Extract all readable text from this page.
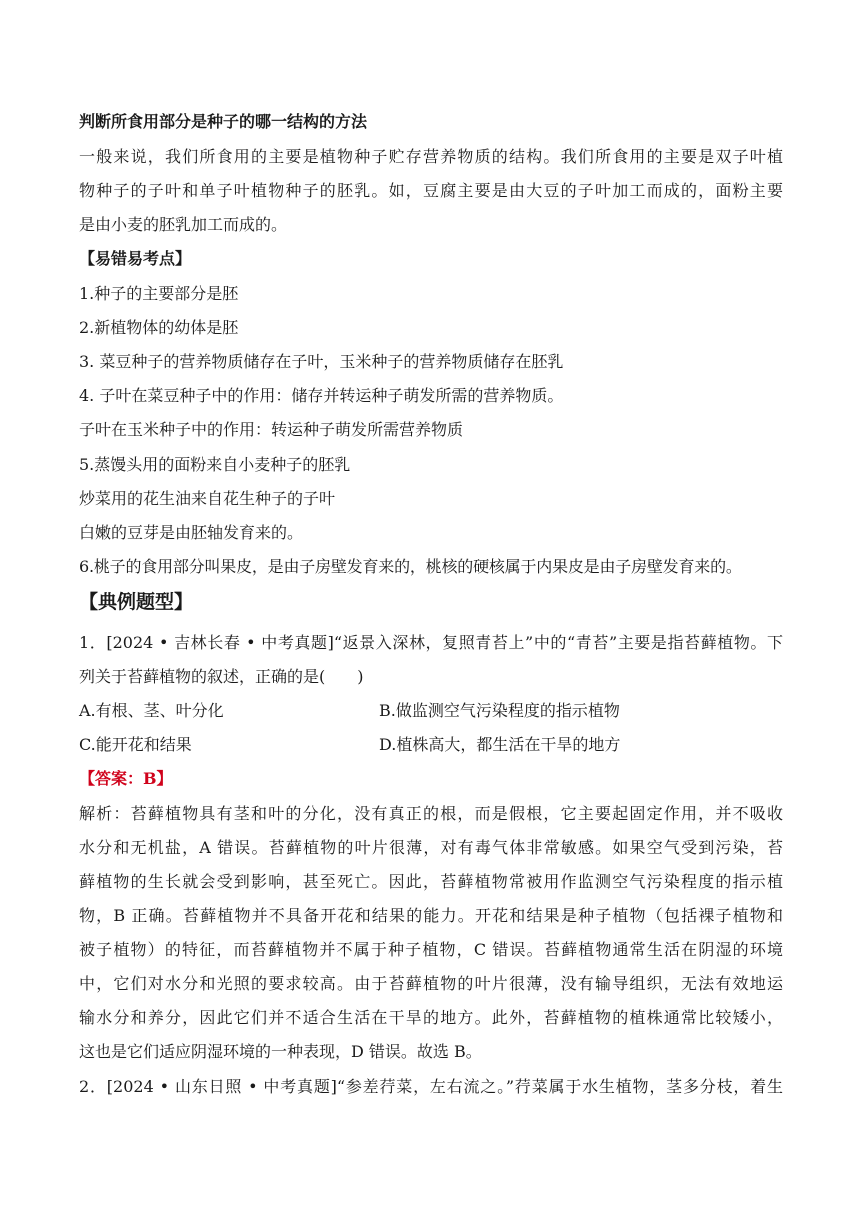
判断所食用部分是种子的哪一结构的方法
一般来说，我们所食用的主要是植物种子贮存营养物质的结构。我们所食用的主要是双子叶植
物种子的子叶和单子叶植物种子的胚乳。如，豆腐主要是由大豆的子叶加工而成的，面粉主要
是由小麦的胚乳加工而成的。
【易错易考点】
1.种子的主要部分是胚
2.新植物体的幼体是胚
3. 菜豆种子的营养物质储存在子叶，玉米种子的营养物质储存在胚乳
4. 子叶在菜豆种子中的作用：储存并转运种子萌发所需的营养物质。
子叶在玉米种子中的作用：转运种子萌发所需营养物质
5.蒸馒头用的面粉来自小麦种子的胚乳
炒菜用的花生油来自花生种子的子叶
白嫩的豆芽是由胚轴发育来的。
6.桃子的食用部分叫果皮，是由子房壁发育来的，桃核的硬核属于内果皮是由子房壁发育来的。
【典例题型】
1．[2024 • 吉林长春 • 中考真题]“返景入深林，复照青苔上”中的“青苔”主要是指苔藓植物。下
列关于苔藓植物的叙述，正确的是(　　)
A.有根、茎、叶分化	B.做监测空气污染程度的指示植物
C.能开花和结果	D.植株高大，都生活在干旱的地方
【答案：B】
解析：苔藓植物具有茎和叶的分化，没有真正的根，而是假根，它主要起固定作用，并不吸收
水分和无机盐，A 错误。苔藓植物的叶片很薄，对有毒气体非常敏感。如果空气受到污染，苔
藓植物的生长就会受到影响，甚至死亡。因此，苔藓植物常被用作监测空气污染程度的指示植
物，B 正确。苔藓植物并不具备开花和结果的能力。开花和结果是种子植物（包括裸子植物和
被子植物）的特征，而苔藓植物并不属于种子植物，C 错误。苔藓植物通常生活在阴湿的环境
中，它们对水分和光照的要求较高。由于苔藓植物的叶片很薄，没有输导组织，无法有效地运
输水分和养分，因此它们并不适合生活在干旱的地方。此外，苔藓植物的植株通常比较矮小，
这也是它们适应阴湿环境的一种表现，D 错误。故选 B。
2．[2024 • 山东日照 • 中考真题]“参差荇菜，左右流之。”荇菜属于水生植物，茎多分枝，着生
